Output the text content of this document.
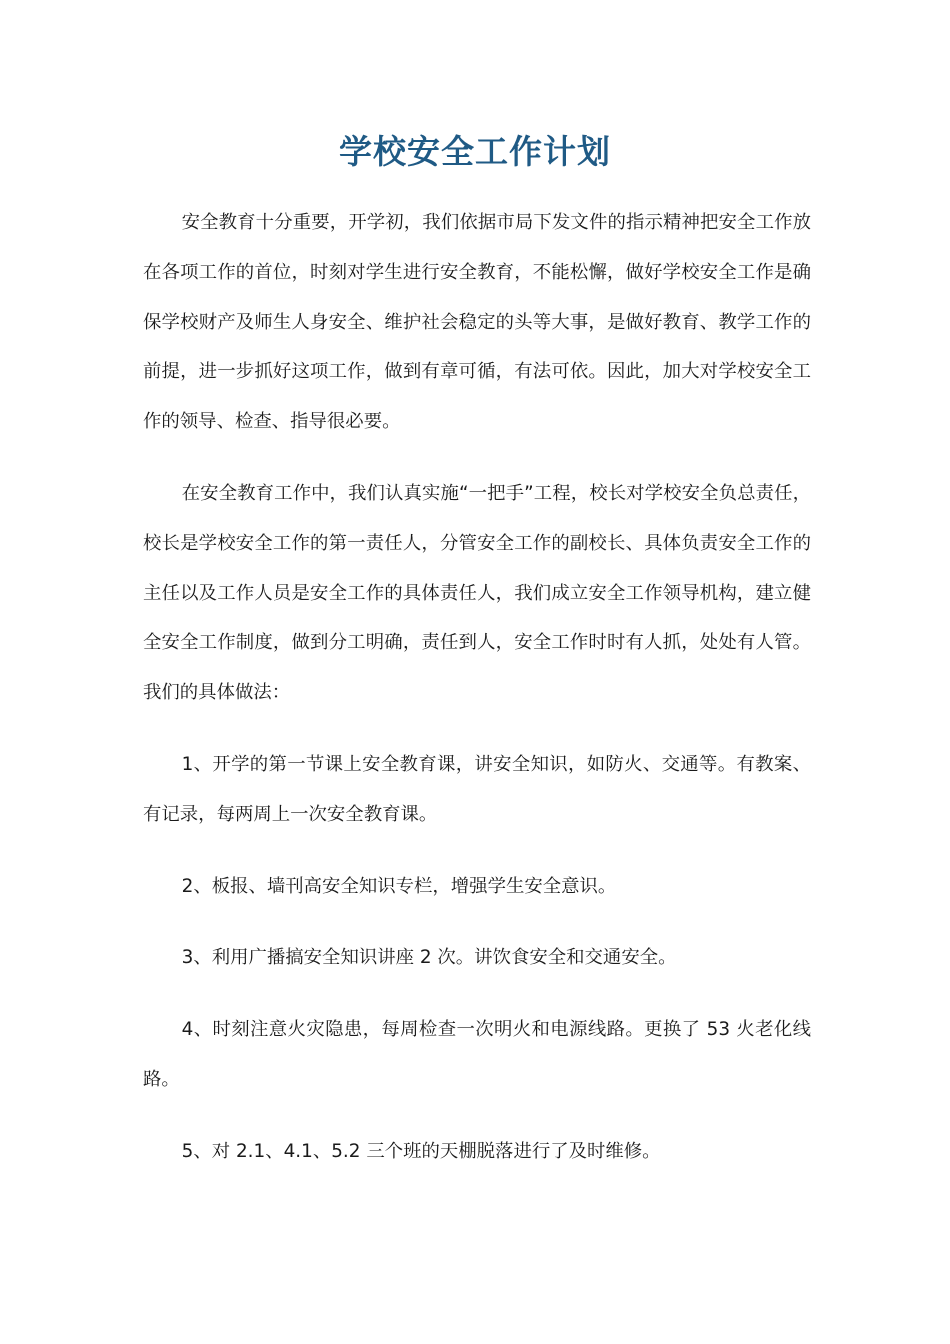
学校安全工作计划

安全教育十分重要，开学初，我们依据市局下发文件的指示精神把安全工作放在各项工作的首位，时刻对学生进行安全教育，不能松懈，做好学校安全工作是确保学校财产及师生人身安全、维护社会稳定的头等大事，是做好教育、教学工作的前提，进一步抓好这项工作，做到有章可循，有法可依。因此，加大对学校安全工作的领导、检查、指导很必要。

在安全教育工作中，我们认真实施“一把手”工程，校长对学校安全负总责任，校长是学校安全工作的第一责任人，分管安全工作的副校长、具体负责安全工作的主任以及工作人员是安全工作的具体责任人，我们成立安全工作领导机构，建立健全安全工作制度，做到分工明确，责任到人，安全工作时时有人抓，处处有人管。我们的具体做法：

1、开学的第一节课上安全教育课，讲安全知识，如防火、交通等。有教案、有记录，每两周上一次安全教育课。

2、板报、墙刊高安全知识专栏，增强学生安全意识。

3、利用广播搞安全知识讲座 2 次。讲饮食安全和交通安全。

4、时刻注意火灾隐患，每周检查一次明火和电源线路。更换了 53 火老化线路。

5、对 2.1、4.1、5.2 三个班的天棚脱落进行了及时维修。
